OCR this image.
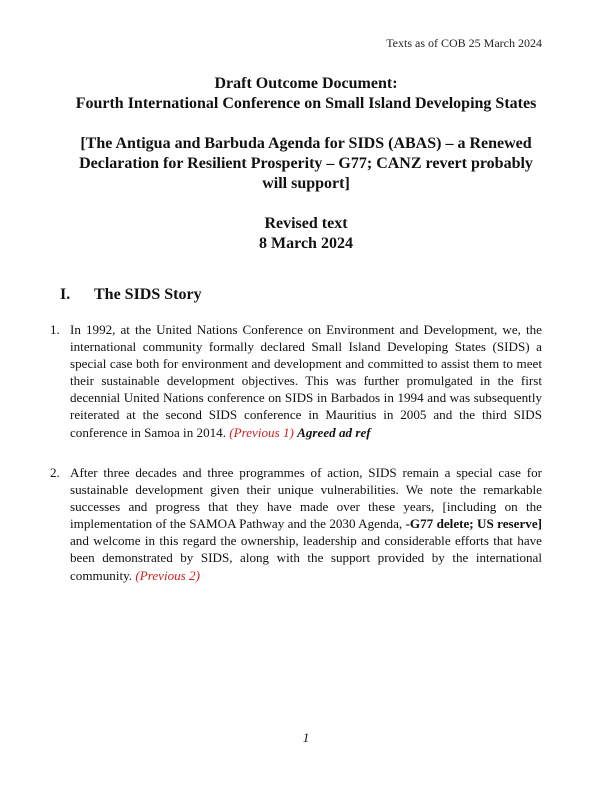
Texts as of COB 25 March 2024
Draft Outcome Document:
Fourth International Conference on Small Island Developing States
[The Antigua and Barbuda Agenda for SIDS (ABAS) – a Renewed
Declaration for Resilient Prosperity – G77; CANZ revert probably
will support]
Revised text
8 March 2024
I. The SIDS Story
1. In 1992, at the United Nations Conference on Environment and Development, we, the international community formally declared Small Island Developing States (SIDS) a special case both for environment and development and committed to assist them to meet their sustainable development objectives. This was further promulgated in the first decennial United Nations conference on SIDS in Barbados in 1994 and was subsequently reiterated at the second SIDS conference in Mauritius in 2005 and the third SIDS conference in Samoa in 2014. (Previous 1) Agreed ad ref
2. After three decades and three programmes of action, SIDS remain a special case for sustainable development given their unique vulnerabilities. We note the remarkable successes and progress that they have made over these years, [including on the implementation of the SAMOA Pathway and the 2030 Agenda, -G77 delete; US reserve] and welcome in this regard the ownership, leadership and considerable efforts that have been demonstrated by SIDS, along with the support provided by the international community. (Previous 2)
1
